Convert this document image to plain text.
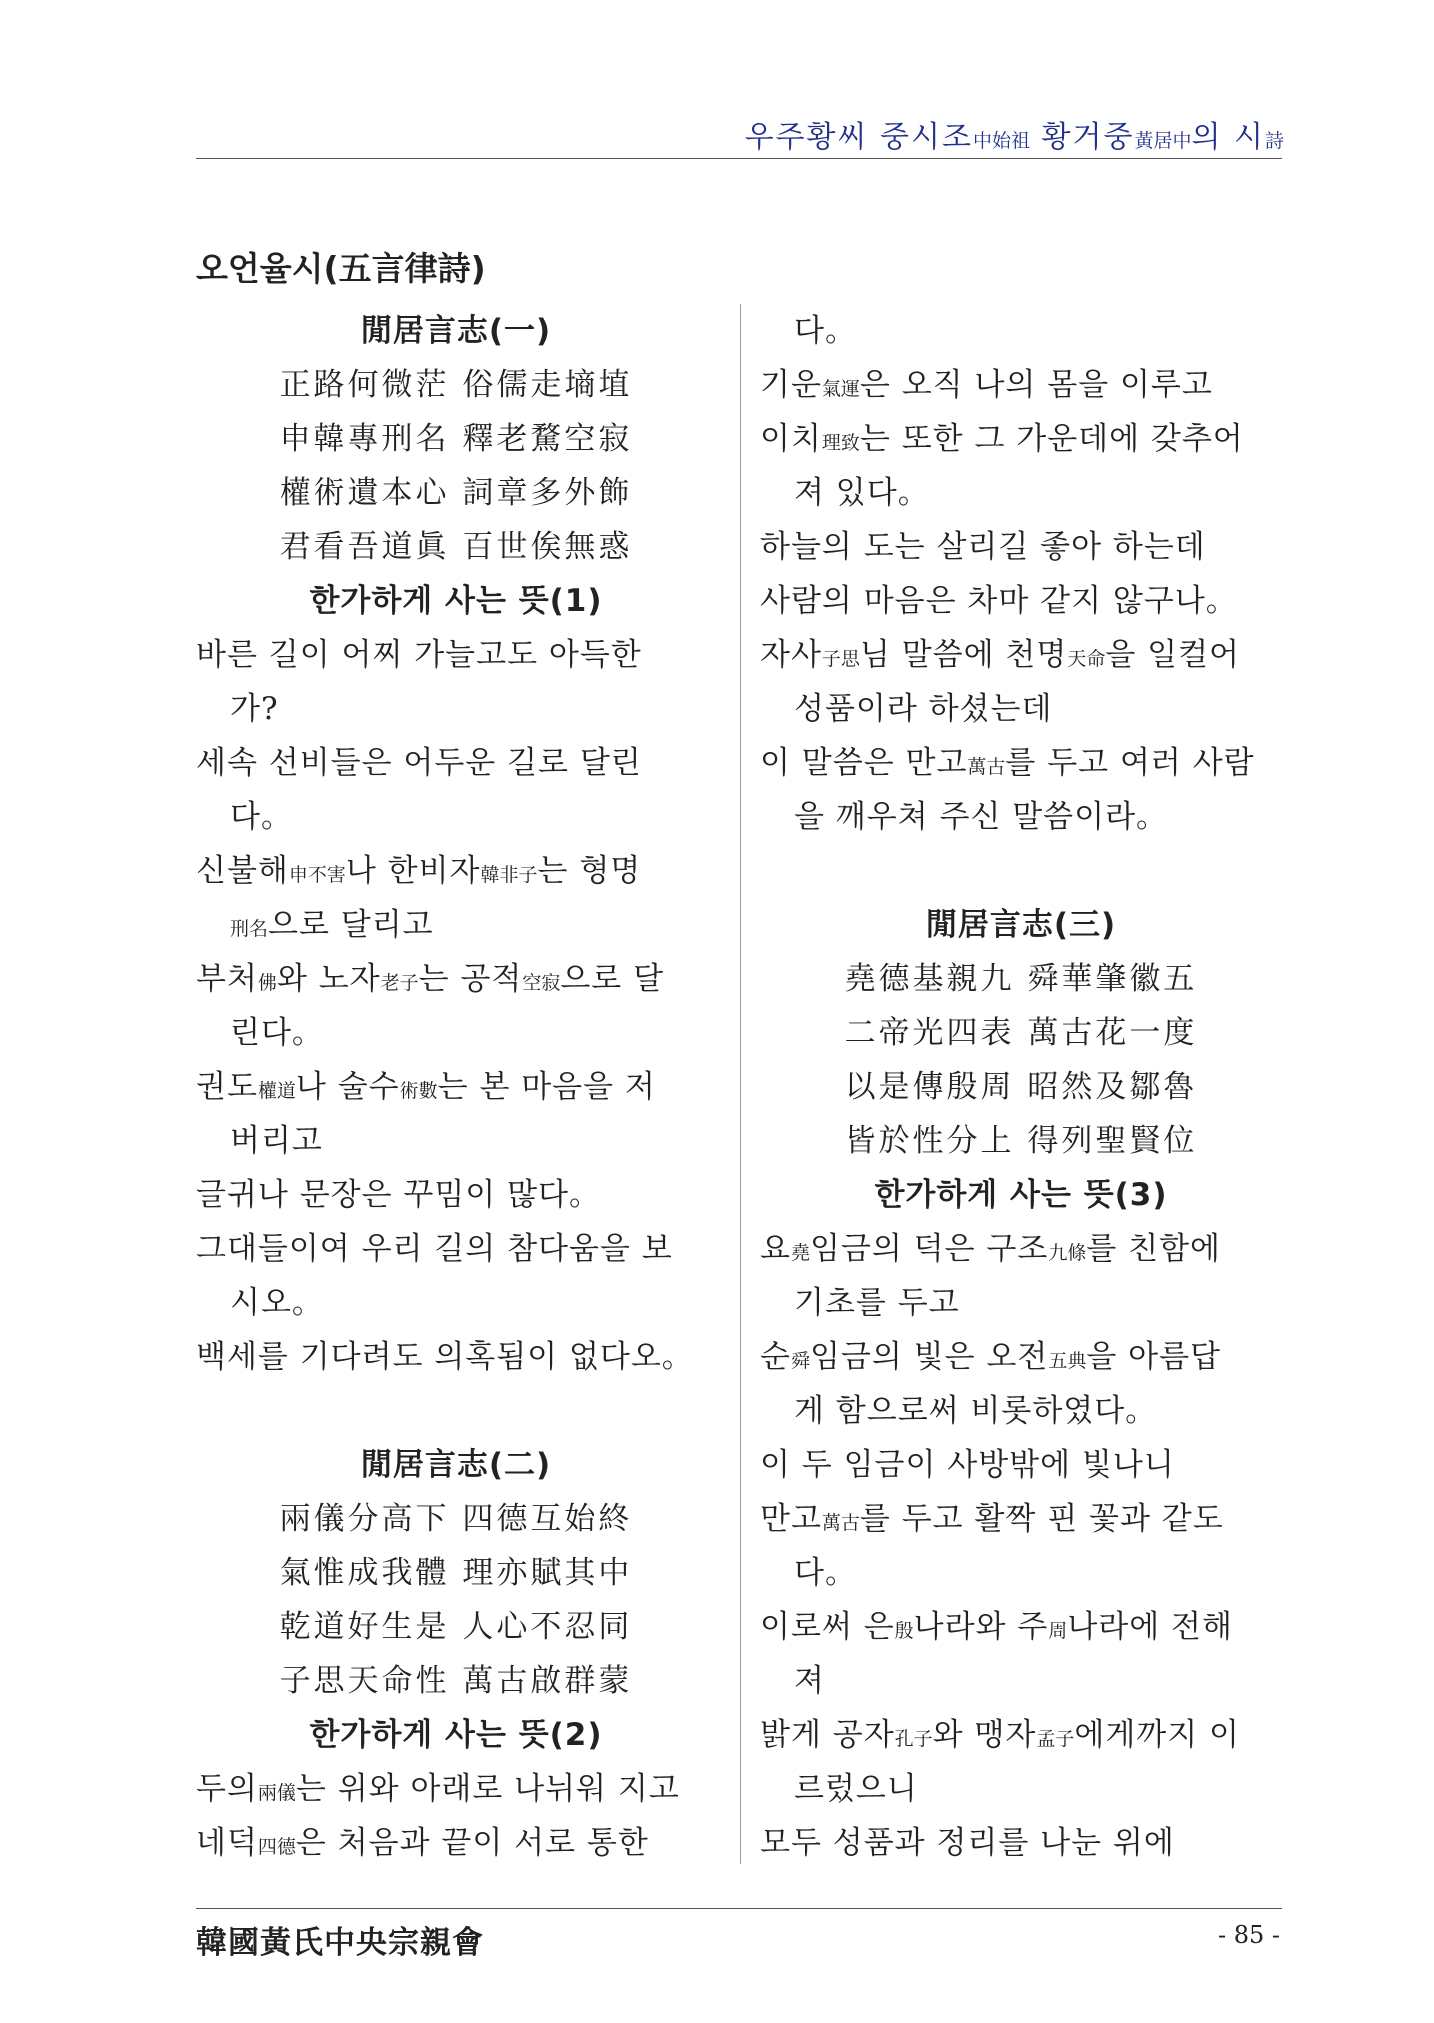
우주황씨 중시조中始祖 황거중黃居中의 시詩
오언율시(五言律詩)
閒居言志(一)
正路何微茫 俗儒走墒埴
申韓專刑名 釋老騖空寂
權術遺本心 詞章多外飾
君看吾道眞 百世俟無惑
한가하게 사는 뜻(1)
바른 길이 어찌 가늘고도 아득한
가?
세속 선비들은 어두운 길로 달린
다。
신불해申不害나 한비자韓非子는 형명
刑名으로 달리고
부처佛와 노자老子는 공적空寂으로 달
린다。
권도權道나 술수術數는 본 마음을 저
버리고
글귀나 문장은 꾸밈이 많다。
그대들이여 우리 길의 참다움을 보
시오。
백세를 기다려도 의혹됨이 없다오。
閒居言志(二)
兩儀分高下 四德互始終
氣惟成我體 理亦賦其中
乾道好生是 人心不忍同
子思天命性 萬古啟群蒙
한가하게 사는 뜻(2)
두의兩儀는 위와 아래로 나뉘워 지고
네덕四德은 처음과 끝이 서로 통한
다。
기운氣運은 오직 나의 몸을 이루고
이치理致는 또한 그 가운데에 갖추어
져 있다。
하늘의 도는 살리길 좋아 하는데
사람의 마음은 차마 같지 않구나。
자사子思님 말씀에 천명天命을 일컬어
성품이라 하셨는데
이 말씀은 만고萬古를 두고 여러 사람
을 깨우쳐 주신 말씀이라。
閒居言志(三)
堯德基親九 舜華肇徽五
二帝光四表 萬古花一度
以是傳殷周 昭然及鄒魯
皆於性分上 得列聖賢位
한가하게 사는 뜻(3)
요堯임금의 덕은 구조九條를 친함에
기초를 두고
순舜임금의 빛은 오전五典을 아름답
게 함으로써 비롯하였다。
이 두 임금이 사방밖에 빛나니
만고萬古를 두고 활짝 핀 꽃과 같도
다。
이로써 은殷나라와 주周나라에 전해
져
밝게 공자孔子와 맹자孟子에게까지 이
르렀으니
모두 성품과 정리를 나눈 위에
韓國黃氏中央宗親會	- 85 -
